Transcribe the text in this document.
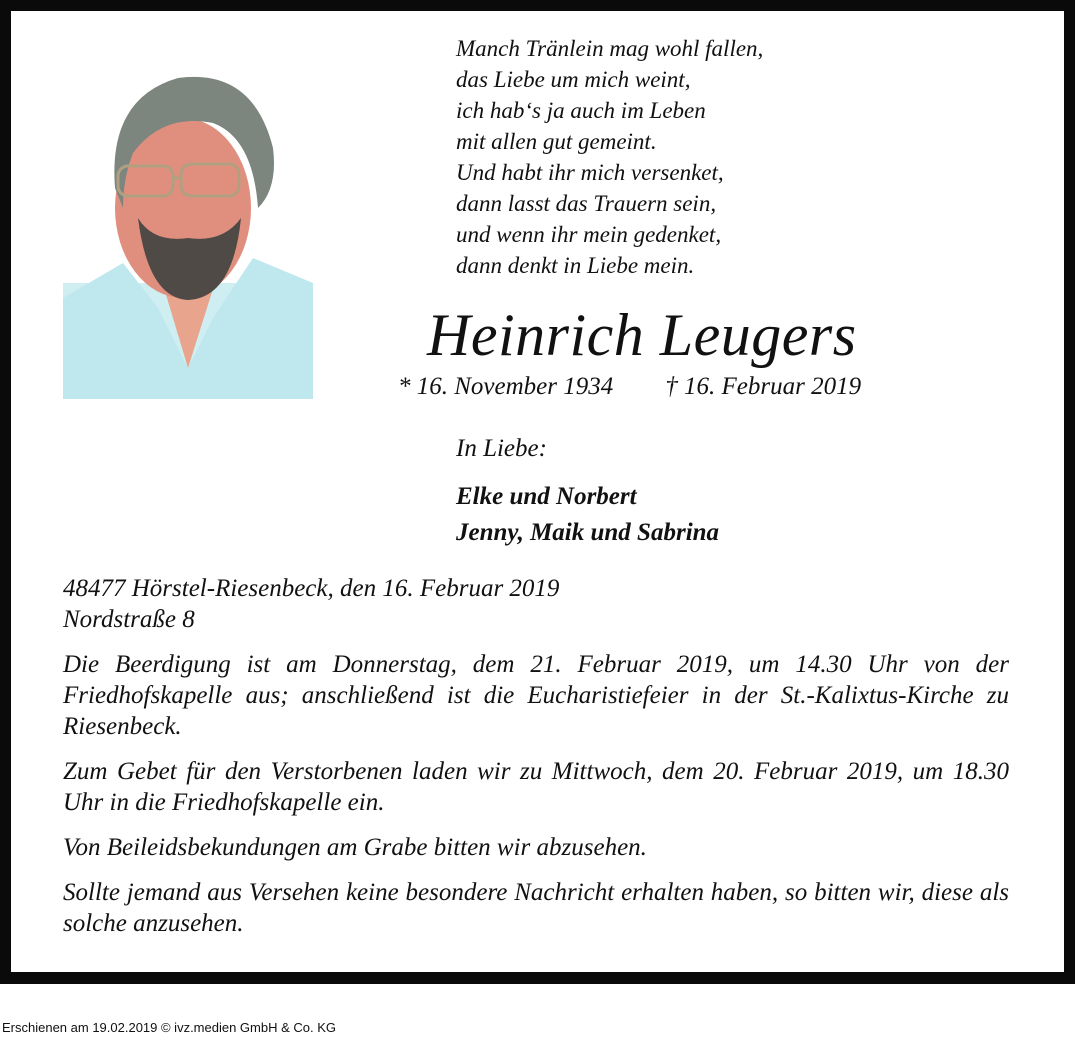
Manch Tränlein mag wohl fallen,
das Liebe um mich weint,
ich hab‘s ja auch im Leben
mit allen gut gemeint.
Und habt ihr mich versenket,
dann lasst das Trauern sein,
und wenn ihr mein gedenket,
dann denkt in Liebe mein.
Heinrich Leugers
* 16. November 1934 † 16. Februar 2019
In Liebe:
Elke und Norbert
Jenny, Maik und Sabrina

48477 Hörstel-Riesenbeck, den 16. Februar 2019
Nordstraße 8

Die Beerdigung ist am Donnerstag, dem 21. Februar 2019, um 14.30 Uhr von der Friedhofskapelle aus; anschließend ist die Eucharistiefeier in der St.-Kalixtus-Kirche zu Riesenbeck.

Zum Gebet für den Verstorbenen laden wir zu Mittwoch, dem 20. Februar 2019, um 18.30 Uhr in die Friedhofskapelle ein.

Von Beileidsbekundungen am Grabe bitten wir abzusehen.

Sollte jemand aus Versehen keine besondere Nachricht erhalten haben, so bitten wir, diese als solche anzusehen.

Erschienen am 19.02.2019 © ivz.medien GmbH & Co. KG
